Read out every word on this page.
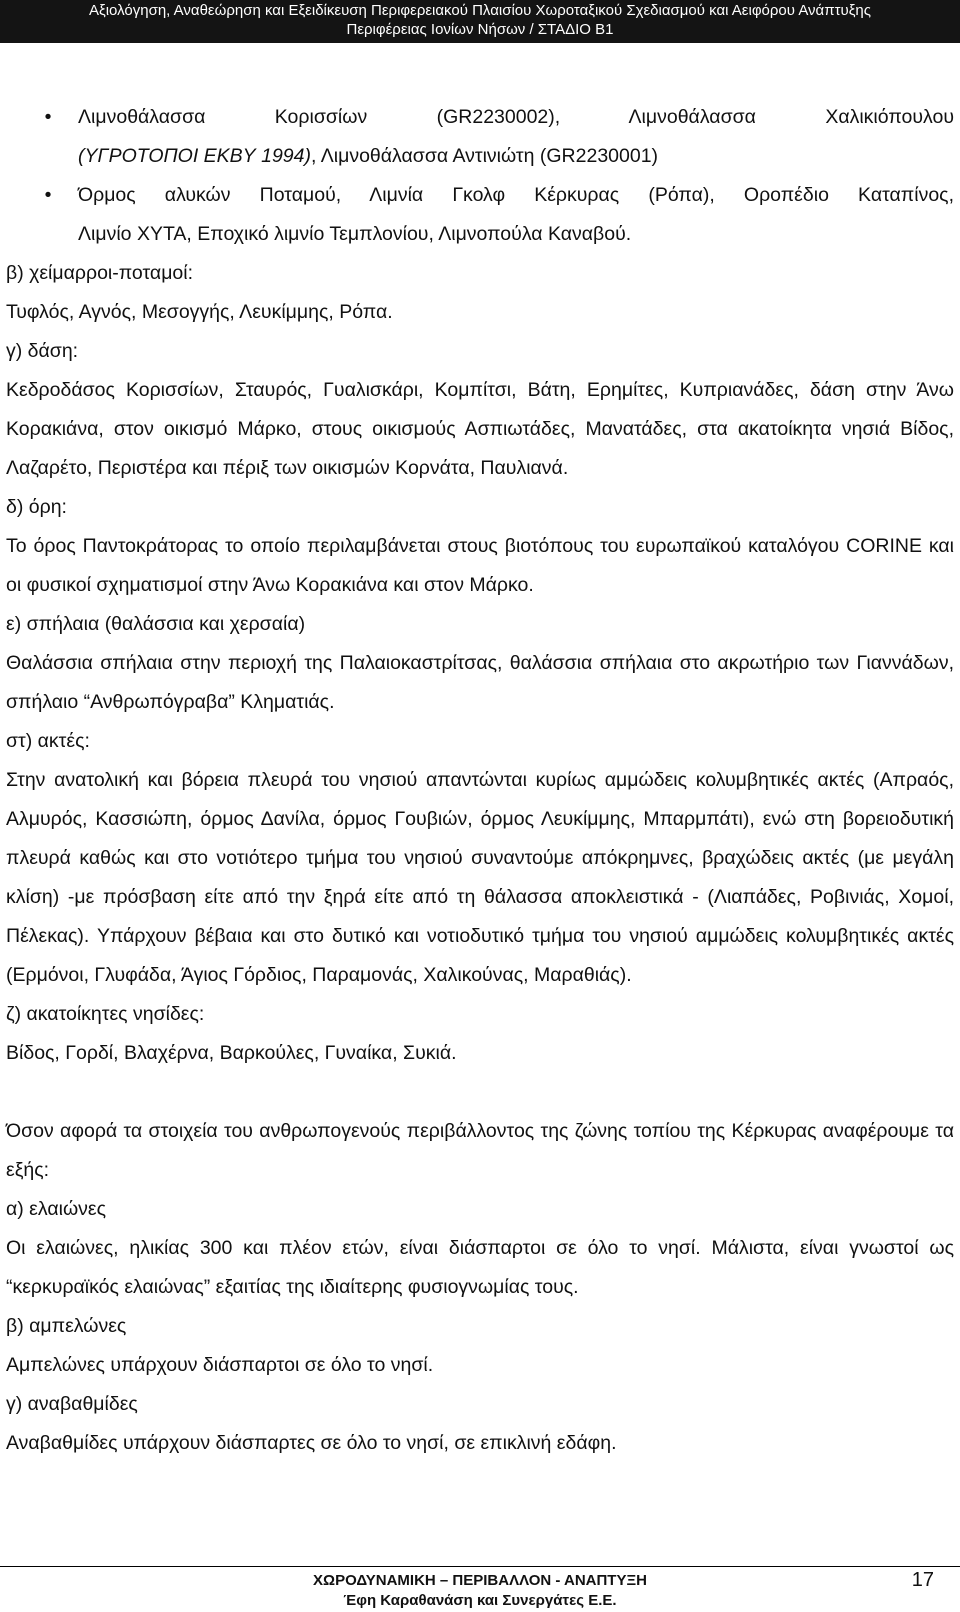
Αξιολόγηση, Αναθεώρηση και Εξειδίκευση Περιφερειακού Πλαισίου Χωροταξικού Σχεδιασμού και Αειφόρου Ανάπτυξης
Περιφέρειας Ιονίων Νήσων / ΣΤΑΔΙΟ Β1
• Λιμνοθάλασσα Κορισσίων (GR2230002), Λιμνοθάλασσα Χαλικιόπουλου
(ΥΓΡΟΤΟΠΟΙ ΕΚΒΥ 1994), Λιμνοθάλασσα Αντινιώτη (GR2230001)
• Όρμος αλυκών Ποταμού, Λιμνία Γκολφ Κέρκυρας (Ρόπα), Οροπέδιο Καταπίνος,
Λιμνίο ΧΥΤΑ, Εποχικό λιμνίο Τεμπλονίου, Λιμνοπούλα Καναβού.
β) χείμαρροι-ποταμοί:
Τυφλός, Αγνός, Μεσογγής, Λευκίμμης, Ρόπα.
γ) δάση:
Κεδροδάσος Κορισσίων, Σταυρός, Γυαλισκάρι, Κομπίτσι, Βάτη, Ερημίτες, Κυπριανάδες, δάση στην Άνω Κορακιάνα, στον οικισμό Μάρκο, στους οικισμούς Ασπιωτάδες, Μανατάδες, στα ακατοίκητα νησιά Βίδος, Λαζαρέτο, Περιστέρα και πέριξ των οικισμών Κορνάτα, Παυλιανά.
δ) όρη:
Το όρος Παντοκράτορας το οποίο περιλαμβάνεται στους βιοτόπους του ευρωπαϊκού καταλόγου CORINE και οι φυσικοί σχηματισμοί στην Άνω Κορακιάνα και στον Μάρκο.
ε) σπήλαια (θαλάσσια και χερσαία)
Θαλάσσια σπήλαια στην περιοχή της Παλαιοκαστρίτσας, θαλάσσια σπήλαια στο ακρωτήριο των Γιαννάδων, σπήλαιο “Ανθρωπόγραβα” Κληματιάς.
στ) ακτές:
Στην ανατολική και βόρεια πλευρά του νησιού απαντώνται κυρίως αμμώδεις κολυμβητικές ακτές (Απραός, Αλμυρός, Κασσιώπη, όρμος Δανίλα, όρμος Γουβιών, όρμος Λευκίμμης, Μπαρμπάτι), ενώ στη βορειοδυτική πλευρά καθώς και στο νοτιότερο τμήμα του νησιού συναντούμε απόκρημνες, βραχώδεις ακτές (με μεγάλη κλίση) -με πρόσβαση είτε από την ξηρά είτε από τη θάλασσα αποκλειστικά - (Λιαπάδες, Ροβινιάς, Χομοί, Πέλεκας). Υπάρχουν βέβαια και στο δυτικό και νοτιοδυτικό τμήμα του νησιού αμμώδεις κολυμβητικές ακτές (Ερμόνοι, Γλυφάδα, Άγιος Γόρδιος, Παραμονάς, Χαλικούνας, Μαραθιάς).
ζ) ακατοίκητες νησίδες:
Βίδος, Γορδί, Βλαχέρνα, Βαρκούλες, Γυναίκα, Συκιά.
Όσον αφορά τα στοιχεία του ανθρωπογενούς περιβάλλοντος της ζώνης τοπίου της Κέρκυρας αναφέρουμε τα εξής:
α) ελαιώνες
Οι ελαιώνες, ηλικίας 300 και πλέον ετών, είναι διάσπαρτοι σε όλο το νησί. Μάλιστα, είναι γνωστοί ως “κερκυραϊκός ελαιώνας” εξαιτίας της ιδιαίτερης φυσιογνωμίας τους.
β) αμπελώνες
Αμπελώνες υπάρχουν διάσπαρτοι σε όλο το νησί.
γ) αναβαθμίδες
Αναβαθμίδες υπάρχουν διάσπαρτες σε όλο το νησί, σε επικλινή εδάφη.
ΧΩΡΟΔΥΝΑΜΙΚΗ – ΠΕΡΙΒΑΛΛΟΝ - ΑΝΑΠΤΥΞΗ
Έφη Καραθανάση και Συνεργάτες Ε.Ε.
17
